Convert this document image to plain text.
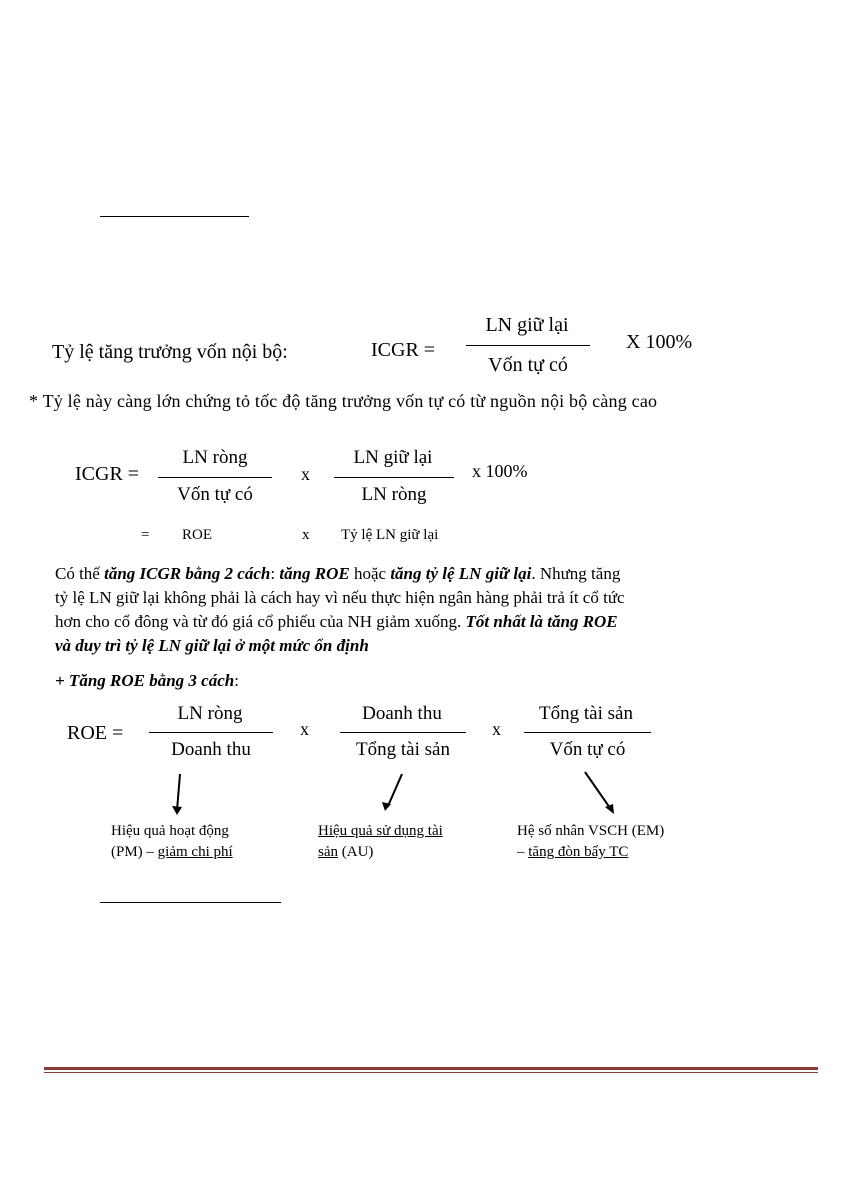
Tỷ lệ tăng trưởng vốn nội bộ:	ICGR =
LN giữ lại
Vốn tự có
X 100%
* Tỷ lệ này càng lớn chứng tỏ tốc độ tăng trưởng vốn tự có từ nguồn nội bộ càng cao
ICGR =
LN ròng
Vốn tự có
x
LN giữ lại
LN ròng
x 100%
= ROE	x Tỷ lệ LN giữ lại
Có thể tăng ICGR bằng 2 cách: tăng ROE hoặc tăng tỷ lệ LN giữ lại. Nhưng tăng
tỷ lệ LN giữ lại không phải là cách hay vì nếu thực hiện ngân hàng phải trả ít cổ tức
hơn cho cổ đông và từ đó giá cổ phiếu của NH giảm xuống. Tốt nhất là tăng ROE
và duy trì tỷ lệ LN giữ lại ở một mức ổn định
+ Tăng ROE bằng 3 cách:
ROE =
LN ròng
Doanh thu
x
Doanh thu
Tổng tài sản
x
Tổng tài sản
Vốn tự có
Hiệu quả hoạt động
(PM) – giảm chi phí
Hiệu quả sử dụng tài
sản (AU)
Hệ số nhân VSCH (EM)
– tăng đòn bẩy TC
